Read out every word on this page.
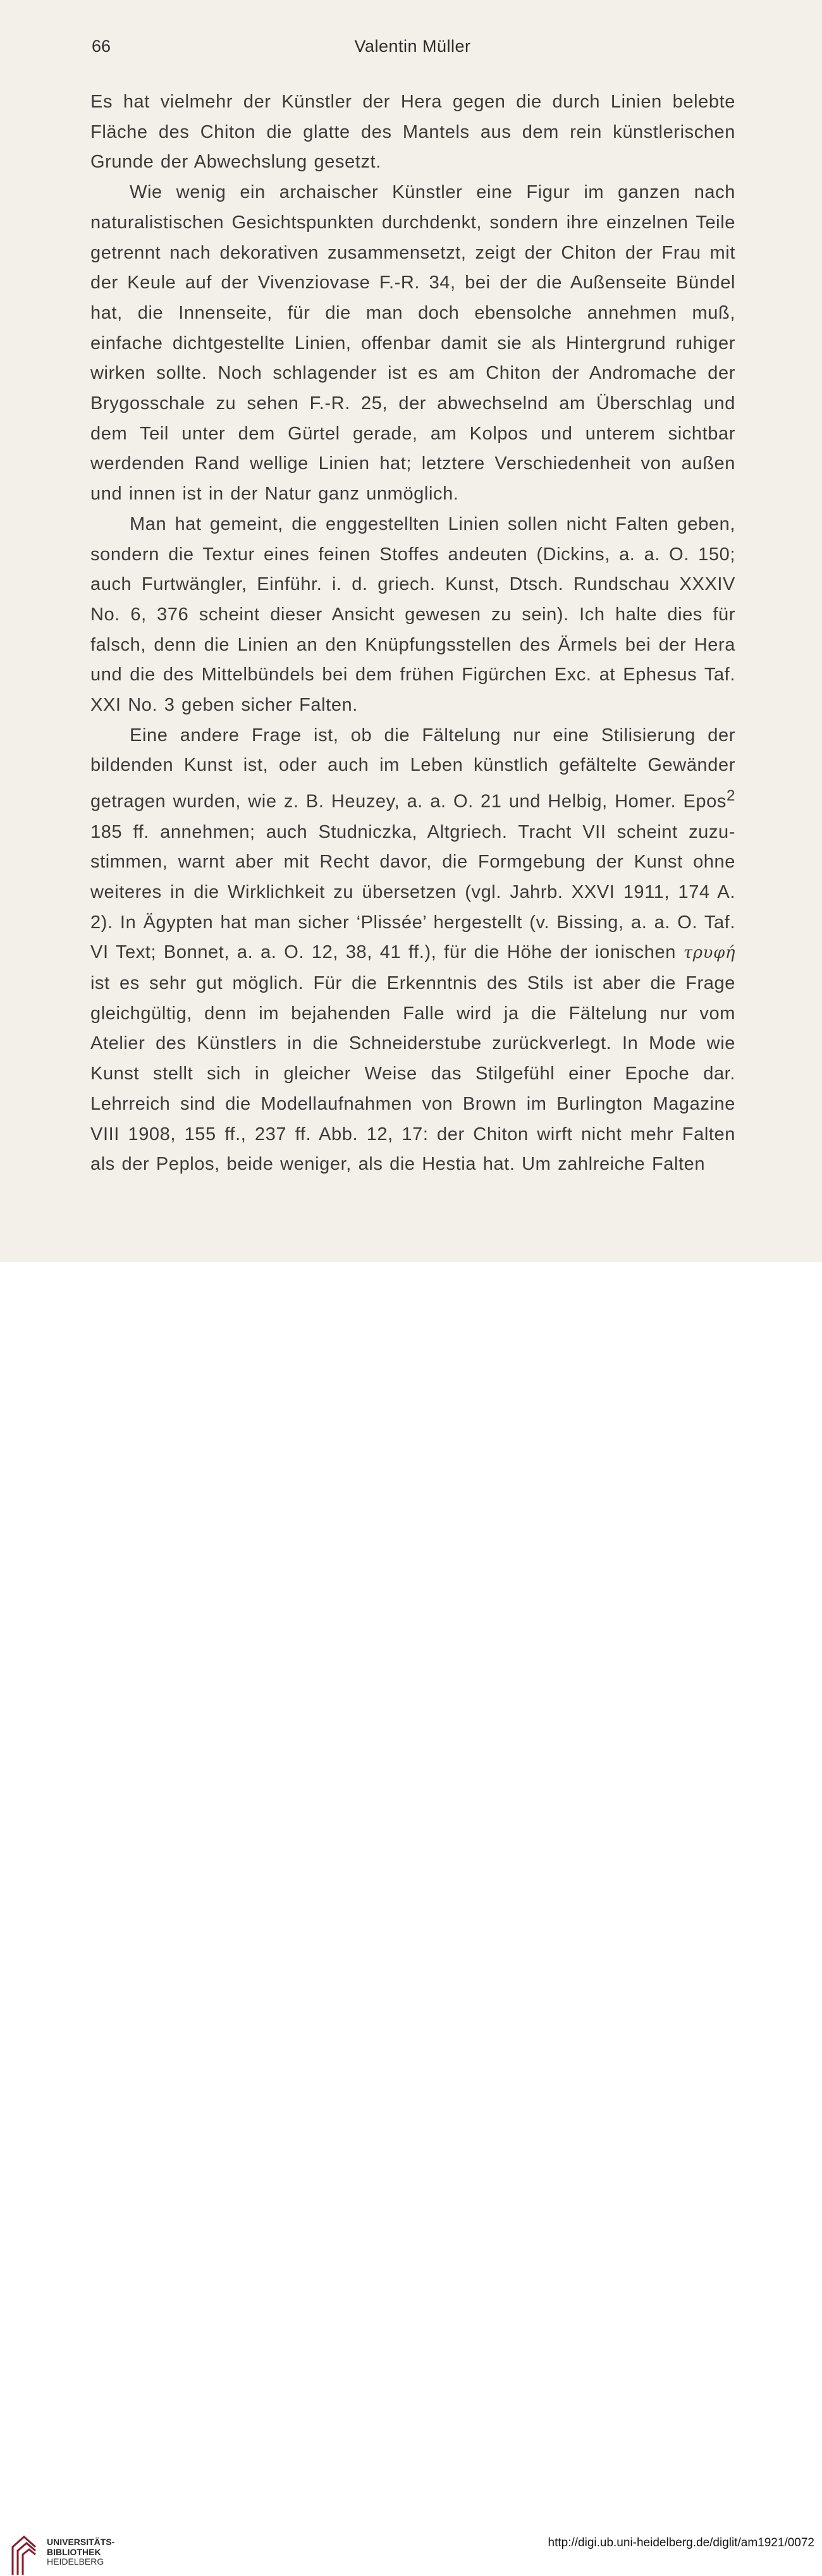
66	Valentin Müller

Es hat vielmehr der Künstler der Hera gegen die durch Linien belebte Fläche des Chiton die glatte des Mantels aus dem rein künstlerischen Grunde der Abwechslung gesetzt.

Wie wenig ein archaischer Künstler eine Figur im ganzen nach naturalistischen Gesichtspunkten durchdenkt, sondern ihre einzelnen Teile getrennt nach dekorativen zusammensetzt, zeigt der Chiton der Frau mit der Keule auf der Vivenziovase F.-R. 34, bei der die Außenseite Bündel hat, die Innenseite, für die man doch ebensolche annehmen muß, einfache dichtgestellte Linien, offenbar damit sie als Hintergrund ruhiger wirken sollte. Noch schlagender ist es am Chiton der Andromache der Brygosschale zu sehen F.-R. 25, der abwechselnd am Überschlag und dem Teil unter dem Gürtel gerade, am Kolpos und unterem sichtbar werdenden Rand wellige Linien hat; letztere Verschiedenheit von außen und innen ist in der Natur ganz unmöglich.

Man hat gemeint, die enggestellten Linien sollen nicht Falten geben, sondern die Textur eines feinen Stoffes andeuten (Dickins, a. a. O. 150; auch Furtwängler, Einführ. i. d. griech. Kunst, Dtsch. Rundschau XXXIV No. 6, 376 scheint dieser Ansicht gewesen zu sein). Ich halte dies für falsch, denn die Linien an den Knüpfungsstellen des Ärmels bei der Hera und die des Mittelbündels bei dem frühen Figürchen Exc. at Ephesus Taf. XXI No. 3 geben sicher Falten.

Eine andere Frage ist, ob die Fältelung nur eine Stilisierung der bildenden Kunst ist, oder auch im Leben künstlich gefältelte Gewänder getragen wurden, wie z. B. Heuzey, a. a. O. 21 und Helbig, Homer. Epos$^2$ 185 ff. annehmen; auch Studniczka, Altgriech. Tracht VII scheint zuzu-stimmen, warnt aber mit Recht davor, die Formgebung der Kunst ohne weiteres in die Wirklichkeit zu übersetzen (vgl. Jahrb. XXVI 1911, 174 A. 2). In Ägypten hat man sicher ‘Plissée’ hergestellt (v. Bissing, a. a. O. Taf. VI Text; Bonnet, a. a. O. 12, 38, 41 ff.), für die Höhe der ionischen τρυφή ist es sehr gut möglich. Für die Erkenntnis des Stils ist aber die Frage gleichgültig, denn im bejahenden Falle wird ja die Fältelung nur vom Atelier des Künstlers in die Schneiderstube zurückverlegt. In Mode wie Kunst stellt sich in gleicher Weise das Stilgefühl einer Epoche dar. Lehrreich sind die Modellaufnahmen von Brown im Burlington Magazine VIII 1908, 155 ff., 237 ff. Abb. 12, 17: der Chiton wirft nicht mehr Falten als der Peplos, beide weniger, als die Hestia hat. Um zahlreiche Falten

UNIVERSITÄTS-
BIBLIOTHEK
HEIDELBERG
http://digi.ub.uni-heidelberg.de/diglit/am1921/0072
